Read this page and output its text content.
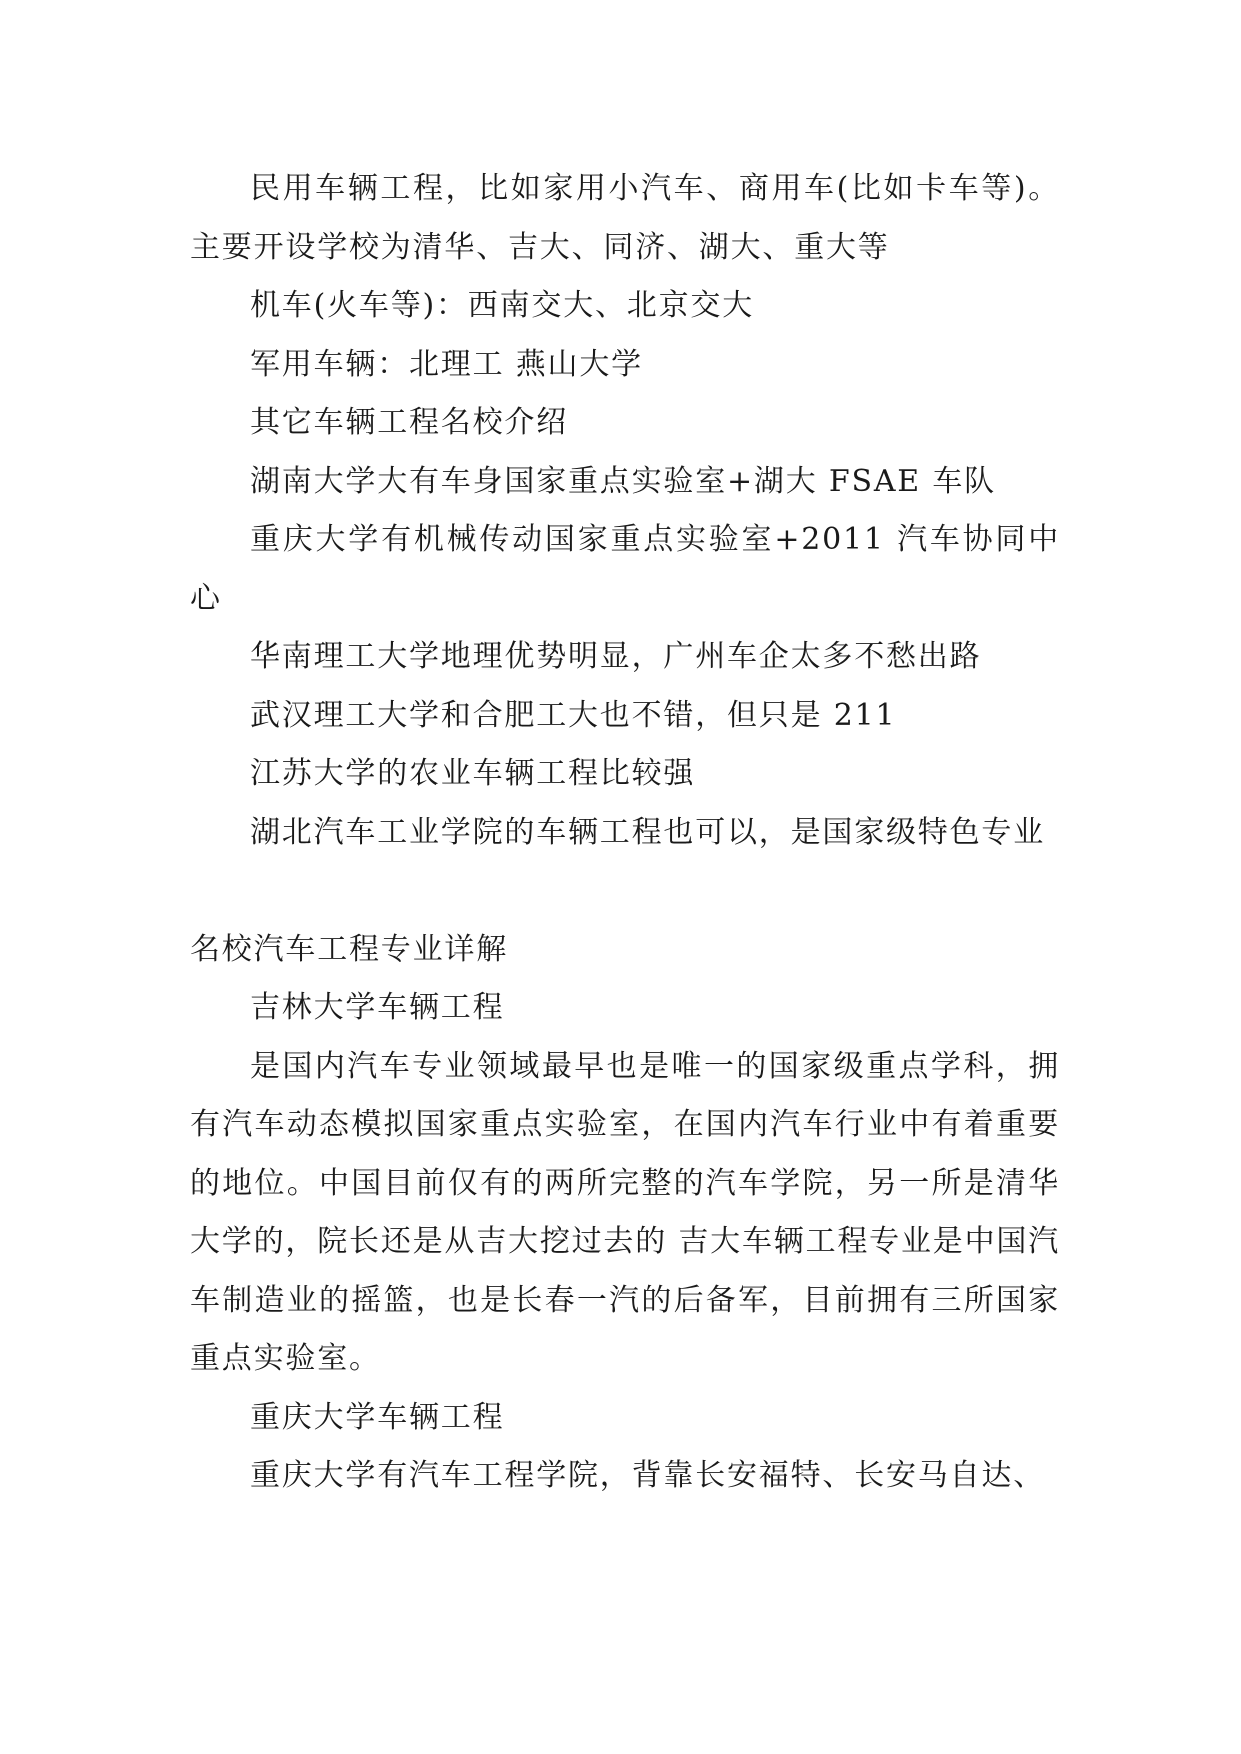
民用车辆工程，比如家用小汽车、商用车(比如卡车等)。主要开设学校为清华、吉大、同济、湖大、重大等

机车(火车等)：西南交大、北京交大

军用车辆：北理工 燕山大学

其它车辆工程名校介绍

湖南大学大有车身国家重点实验室+湖大 FSAE 车队

重庆大学有机械传动国家重点实验室+2011 汽车协同中心

华南理工大学地理优势明显，广州车企太多不愁出路

武汉理工大学和合肥工大也不错，但只是 211

江苏大学的农业车辆工程比较强

湖北汽车工业学院的车辆工程也可以，是国家级特色专业

名校汽车工程专业详解

吉林大学车辆工程

是国内汽车专业领域最早也是唯一的国家级重点学科，拥有汽车动态模拟国家重点实验室，在国内汽车行业中有着重要的地位。中国目前仅有的两所完整的汽车学院，另一所是清华大学的，院长还是从吉大挖过去的 吉大车辆工程专业是中国汽车制造业的摇篮，也是长春一汽的后备军，目前拥有三所国家重点实验室。

重庆大学车辆工程

重庆大学有汽车工程学院，背靠长安福特、长安马自达、
